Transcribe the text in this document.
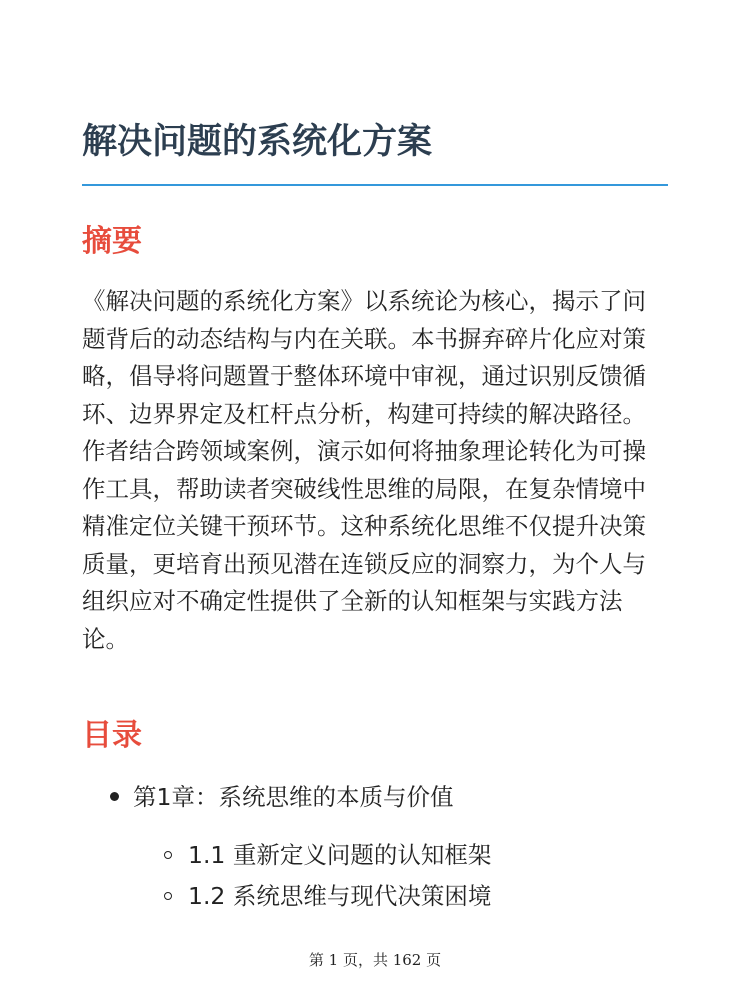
解决问题的系统化方案
摘要

《解决问题的系统化方案》以系统论为核心，揭示了问题背后的动态结构与内在关联。本书摒弃碎片化应对策略，倡导将问题置于整体环境中审视，通过识别反馈循环、边界界定及杠杆点分析，构建可持续的解决路径。作者结合跨领域案例，演示如何将抽象理论转化为可操作工具，帮助读者突破线性思维的局限，在复杂情境中精准定位关键干预环节。这种系统化思维不仅提升决策质量，更培育出预见潜在连锁反应的洞察力，为个人与组织应对不确定性提供了全新的认知框架与实践方法论。

目录
第1章：系统思维的本质与价值
1.1 重新定义问题的认知框架
1.2 系统思维与现代决策困境
第 1 页，共 162 页
